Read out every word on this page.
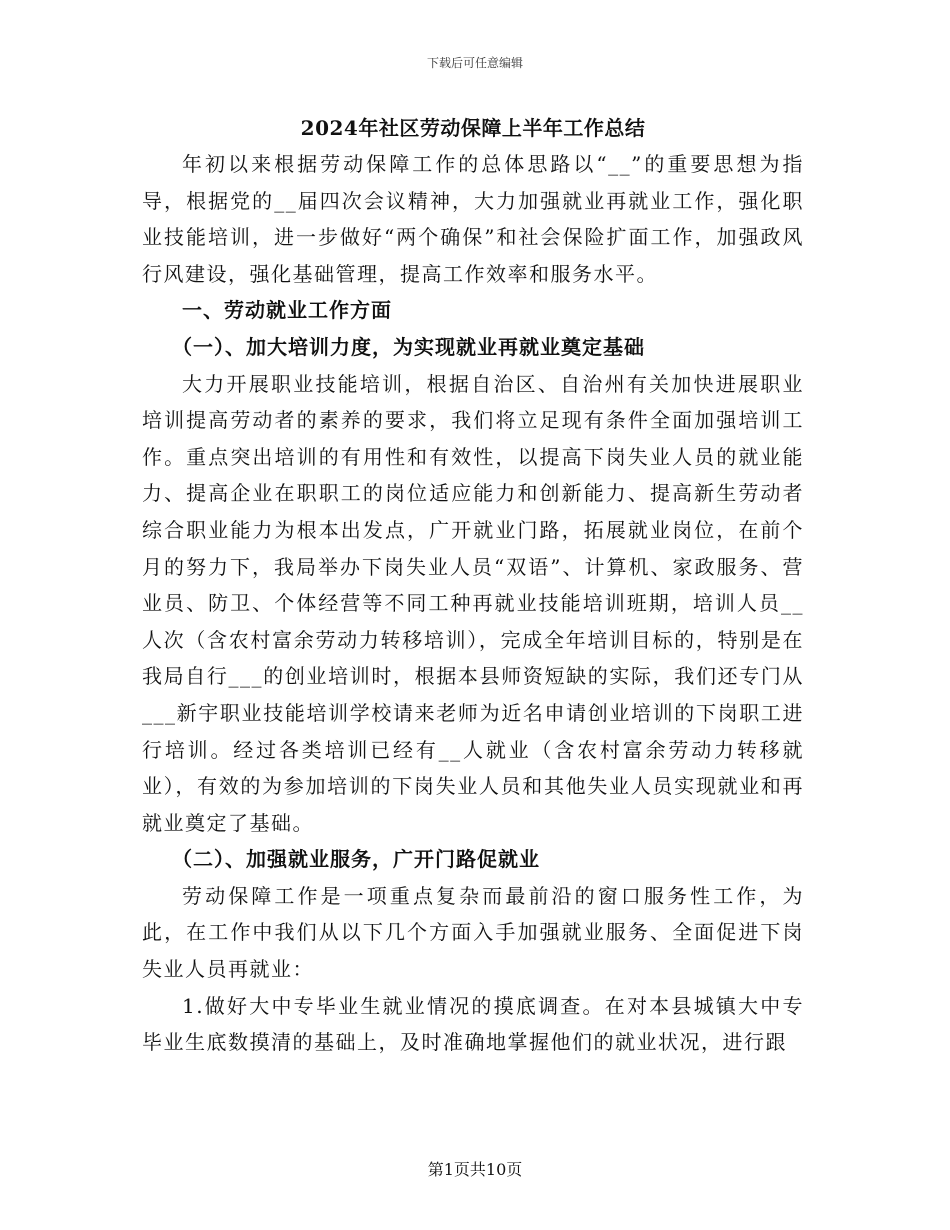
下载后可任意编辑

2024年社区劳动保障上半年工作总结

年初以来根据劳动保障工作的总体思路以“__”的重要思想为指导，根据党的__届四次会议精神，大力加强就业再就业工作，强化职业技能培训，进一步做好“两个确保”和社会保险扩面工作，加强政风行风建设，强化基础管理，提高工作效率和服务水平。

一、劳动就业工作方面

（一）、加大培训力度，为实现就业再就业奠定基础

大力开展职业技能培训，根据自治区、自治州有关加快进展职业培训提高劳动者的素养的要求，我们将立足现有条件全面加强培训工作。重点突出培训的有用性和有效性，以提高下岗失业人员的就业能力、提高企业在职职工的岗位适应能力和创新能力、提高新生劳动者综合职业能力为根本出发点，广开就业门路，拓展就业岗位，在前个月的努力下，我局举办下岗失业人员“双语”、计算机、家政服务、营业员、防卫、个体经营等不同工种再就业技能培训班期，培训人员__人次（含农村富余劳动力转移培训），完成全年培训目标的，特别是在我局自行___的创业培训时，根据本县师资短缺的实际，我们还专门从___新宇职业技能培训学校请来老师为近名申请创业培训的下岗职工进行培训。经过各类培训已经有__人就业（含农村富余劳动力转移就业），有效的为参加培训的下岗失业人员和其他失业人员实现就业和再就业奠定了基础。

（二）、加强就业服务，广开门路促就业

劳动保障工作是一项重点复杂而最前沿的窗口服务性工作，为此，在工作中我们从以下几个方面入手加强就业服务、全面促进下岗失业人员再就业：

1.做好大中专毕业生就业情况的摸底调查。在对本县城镇大中专毕业生底数摸清的基础上，及时准确地掌握他们的就业状况，进行跟

第1页共10页
